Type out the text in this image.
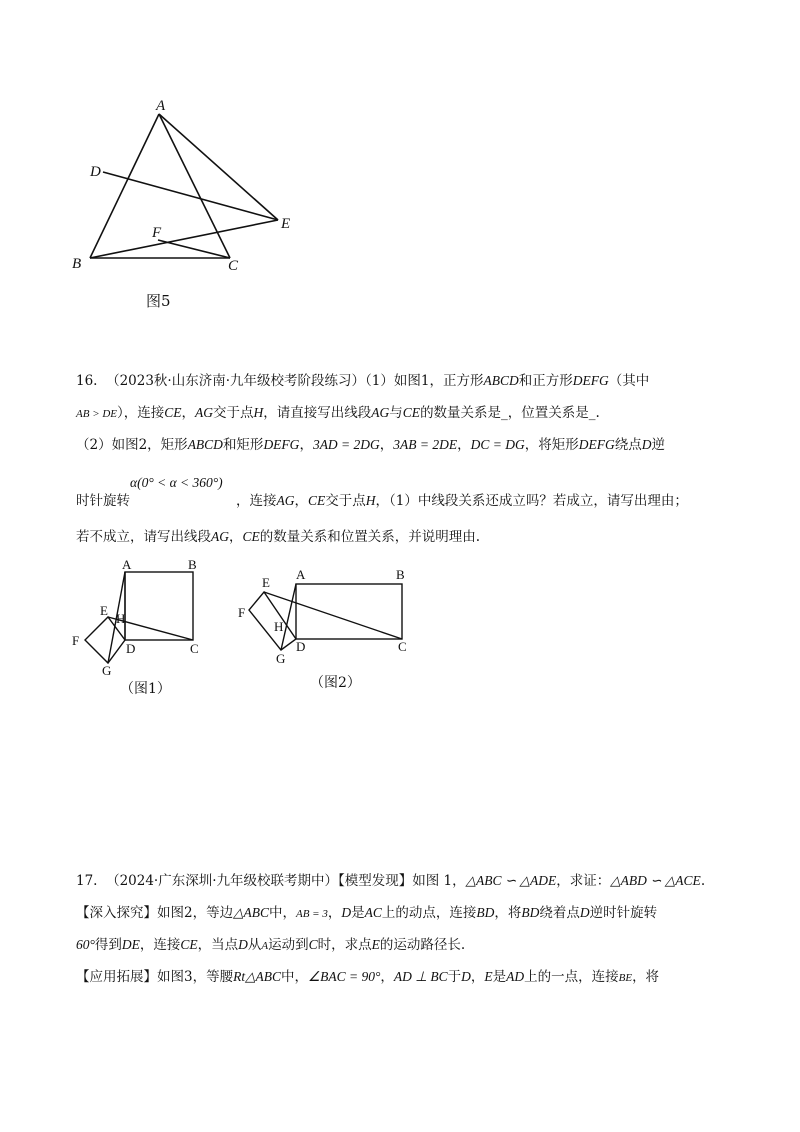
A
D
E
F
B	C
图5
16. （2023秋·山东济南·九年级校考阶段练习）（1）如图1，正方形ABCD和正方形DEFG（其中
AB > DE），连接CE，AG交于点H，请直接写出线段AG与CE的数量关系是_，位置关系是_.
（2）如图2，矩形ABCD和矩形DEFG，3AD = 2DG，3AB = 2DE，DC = DG，将矩形DEFG绕点D逆
α(0° < α < 360°)
时针旋转	，连接AG，CE交于点H，（1）中线段关系还成立吗？若成立，请写出理由；
若不成立，请写出线段AG，CE的数量关系和位置关系，并说明理由.
A	B
E
H
F
D	C
G
（图1）
A	B
E
F
H
D	C
G
（图2）
17. （2024·广东深圳·九年级校联考期中）【模型发现】如图 1，△ABC ∽ △ADE，求证：△ABD ∽ △ACE.
【深入探究】如图2，等边△ABC中，AB = 3，D是AC上的动点，连接BD，将BD绕着点D逆时针旋转
60°得到DE，连接CE，当点D从A运动到C时，求点E的运动路径长.
【应用拓展】如图3，等腰Rt△ABC中，∠BAC = 90°，AD ⊥ BC于D，E是AD上的一点，连接BE，将
